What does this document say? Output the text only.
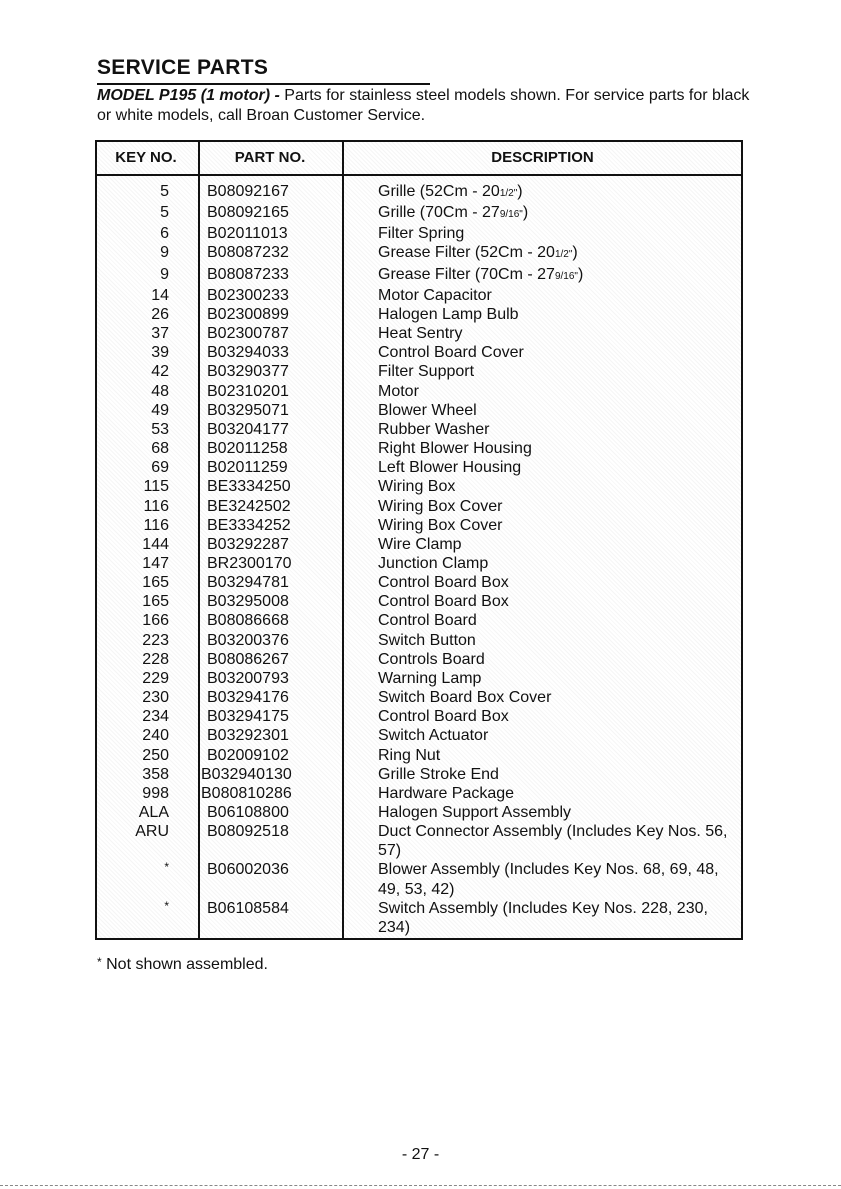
SERVICE PARTS
MODEL P195 (1 motor) - Parts for stainless steel models shown. For service parts for black or white models, call Broan Customer Service.
KEY NO.	PART NO.	DESCRIPTION
5 B08092167	Grille (52Cm - 201/2")
5 B08092165	Grille (70Cm - 279/16")
6 B02011013	Filter Spring
9 B08087232	Grease Filter (52Cm - 201/2")
9 B08087233	Grease Filter (70Cm - 279/16")
14 B02300233	Motor Capacitor
26 B02300899	Halogen Lamp Bulb
37 B02300787	Heat Sentry
39 B03294033	Control Board Cover
42 B03290377	Filter Support
48 B02310201	Motor
49 B03295071	Blower Wheel
53 B03204177	Rubber Washer
68 B02011258	Right Blower Housing
69 B02011259	Left Blower Housing
115 BE3334250	Wiring Box
116 BE3242502	Wiring Box Cover
116 BE3334252	Wiring Box Cover
144 B03292287	Wire Clamp
147 BR2300170	Junction Clamp
165 B03294781	Control Board Box
165 B03295008	Control Board Box
166 B08086668	Control Board
223 B03200376	Switch Button
228 B08086267	Controls Board
229 B03200793	Warning Lamp
230 B03294176	Switch Board Box Cover
234 B03294175	Control Board Box
240 B03292301	Switch Actuator
250 B02009102	Ring Nut
358 B032940130	Grille Stroke End
998 B080810286	Hardware Package
ALA B06108800	Halogen Support Assembly
ARU B08092518	Duct Connector Assembly (Includes Key Nos. 56, 57)
* B06002036	Blower Assembly (Includes Key Nos. 68, 69, 48, 49, 53, 42)
* B06108584	Switch Assembly (Includes Key Nos. 228, 230, 234)
* Not shown assembled.
- 27 -
